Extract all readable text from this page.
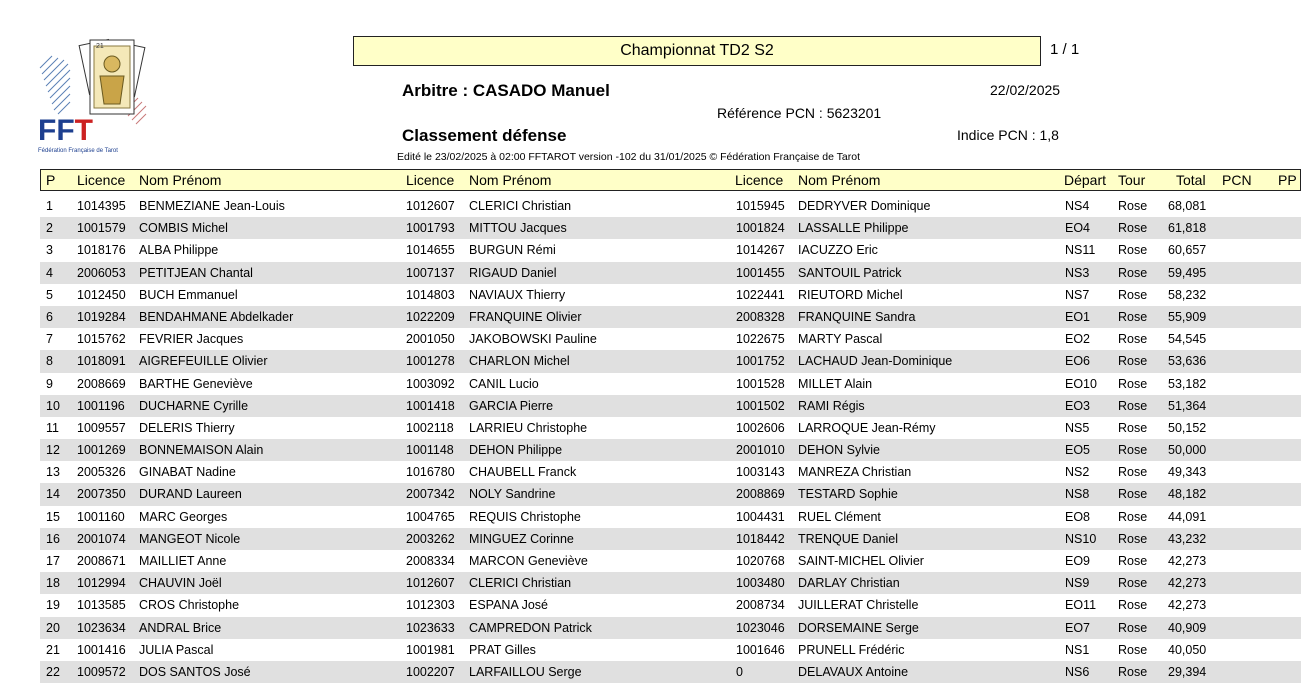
21
FFT
Fédération Française de Tarot
Championnat TD2 S2	1 / 1
Arbitre : CASADO Manuel	22/02/2025
Référence PCN : 5623201
Classement défense	Indice PCN : 1,8
Edité le 23/02/2025 à 02:00 FFTAROT version -102 du 31/01/2025 © Fédération Française de Tarot
P Licence Nom Prénom	Licence Nom Prénom	Licence Nom Prénom	Départ Tour Total PCN PP
1 1014395 BENMEZIANE Jean-Louis	1012607 CLERICI Christian	1015945 DEDRYVER Dominique	NS4 Rose 68,081
2 1001579 COMBIS Michel	1001793 MITTOU Jacques	1001824 LASSALLE Philippe	EO4 Rose 61,818
3 1018176 ALBA Philippe	1014655 BURGUN Rémi	1014267 IACUZZO Eric	NS11 Rose 60,657
4 2006053 PETITJEAN Chantal	1007137 RIGAUD Daniel	1001455 SANTOUIL Patrick	NS3 Rose 59,495
5 1012450 BUCH Emmanuel	1014803 NAVIAUX Thierry	1022441 RIEUTORD Michel	NS7 Rose 58,232
6 1019284 BENDAHMANE Abdelkader	1022209 FRANQUINE Olivier	2008328 FRANQUINE Sandra	EO1 Rose 55,909
7 1015762 FEVRIER Jacques	2001050 JAKOBOWSKI Pauline	1022675 MARTY Pascal	EO2 Rose 54,545
8 1018091 AIGREFEUILLE Olivier	1001278 CHARLON Michel	1001752 LACHAUD Jean-Dominique	EO6 Rose 53,636
9 2008669 BARTHE Geneviève	1003092 CANIL Lucio	1001528 MILLET Alain	EO10 Rose 53,182
10 1001196 DUCHARNE Cyrille	1001418 GARCIA Pierre	1001502 RAMI Régis	EO3 Rose 51,364
11 1009557 DELERIS Thierry	1002118 LARRIEU Christophe	1002606 LARROQUE Jean-Rémy	NS5 Rose 50,152
12 1001269 BONNEMAISON Alain	1001148 DEHON Philippe	2001010 DEHON Sylvie	EO5 Rose 50,000
13 2005326 GINABAT Nadine	1016780 CHAUBELL Franck	1003143 MANREZA Christian	NS2 Rose 49,343
14 2007350 DURAND Laureen	2007342 NOLY Sandrine	2008869 TESTARD Sophie	NS8 Rose 48,182
15 1001160 MARC Georges	1004765 REQUIS Christophe	1004431 RUEL Clément	EO8 Rose 44,091
16 2001074 MANGEOT Nicole	2003262 MINGUEZ Corinne	1018442 TRENQUE Daniel	NS10 Rose 43,232
17 2008671 MAILLIET Anne	2008334 MARCON Geneviève	1020768 SAINT-MICHEL Olivier	EO9 Rose 42,273
18 1012994 CHAUVIN Joël	1012607 CLERICI Christian	1003480 DARLAY Christian	NS9 Rose 42,273
19 1013585 CROS Christophe	1012303 ESPANA José	2008734 JUILLERAT Christelle	EO11 Rose 42,273
20 1023634 ANDRAL Brice	1023633 CAMPREDON Patrick	1023046 DORSEMAINE Serge	EO7 Rose 40,909
21 1001416 JULIA Pascal	1001981 PRAT Gilles	1001646 PRUNELL Frédéric	NS1 Rose 40,050
22 1009572 DOS SANTOS José	1002207 LARFAILLOU Serge	0	DELAVAUX Antoine	NS6 Rose 29,394
